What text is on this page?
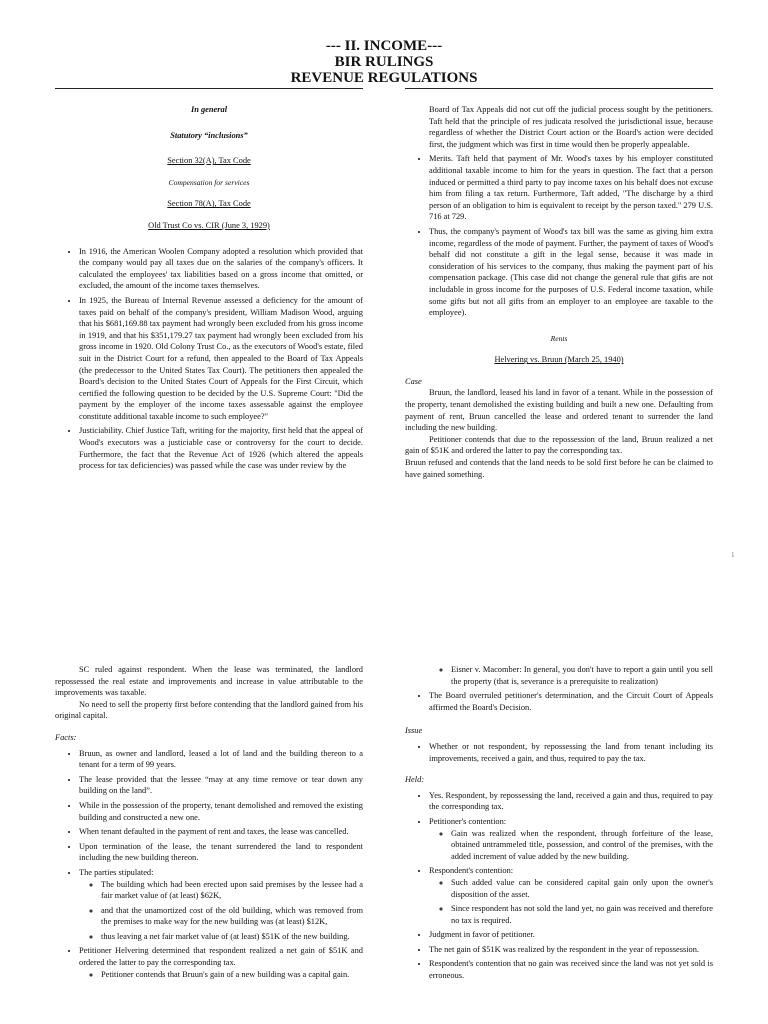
--- II. INCOME---
BIR RULINGS
REVENUE REGULATIONS

In general

Statutory “inclusions”

Section 32(A), Tax Code

Compensation for services

Section 78(A), Tax Code

Old Trust Co vs. CIR (June 3, 1929)

• In 1916, the American Woolen Company adopted a resolution which provided that the company would pay all taxes due on the salaries of the company's officers. It calculated the employees' tax liabilities based on a gross income that omitted, or excluded, the amount of the income taxes themselves.
• In 1925, the Bureau of Internal Revenue assessed a deficiency for the amount of taxes paid on behalf of the company's president, William Madison Wood, arguing that his $681,169.88 tax payment had wrongly been excluded from his gross income in 1919, and that his $351,179.27 tax payment had wrongly been excluded from his gross income in 1920. Old Colony Trust Co., as the executors of Wood's estate, filed suit in the District Court for a refund, then appealed to the Board of Tax Appeals (the predecessor to the United States Tax Court). The petitioners then appealed the Board's decision to the United States Court of Appeals for the First Circuit, which certified the following question to be decided by the U.S. Supreme Court: "Did the payment by the employer of the income taxes assessable against the employee constitute additional taxable income to such employee?"
• Justiciability. Chief Justice Taft, writing for the majority, first held that the appeal of Wood's executors was a justiciable case or controversy for the court to decide. Furthermore, the fact that the Revenue Act of 1926 (which altered the appeals process for tax deficiencies) was passed while the case was under review by the

Board of Tax Appeals did not cut off the judicial process sought by the petitioners. Taft held that the principle of res judicata resolved the jurisdictional issue, because regardless of whether the District Court action or the Board's action were decided first, the judgment which was first in time would then be properly appealable.

• Merits. Taft held that payment of Mr. Wood's taxes by his employer constituted additional taxable income to him for the years in question. The fact that a person induced or permitted a third party to pay income taxes on his behalf does not excuse him from filing a tax return. Furthermore, Taft added, "The discharge by a third person of an obligation to him is equivalent to receipt by the person taxed." 279 U.S. 716 at 729.
• Thus, the company's payment of Wood's tax bill was the same as giving him extra income, regardless of the mode of payment. Further, the payment of taxes of Wood's behalf did not constitute a gift in the legal sense, because it was made in consideration of his services to the company, thus making the payment part of his compensation package. (This case did not change the general rule that gifts are not includable in gross income for the purposes of U.S. Federal income taxation, while some gifts but not all gifts from an employer to an employee are taxable to the employee).

Rents

Helvering vs. Bruun (March 25, 1940)

Case

Bruun, the landlord, leased his land in favor of a tenant. While in the possession of the property, tenant demolished the existing building and built a new one. Defaulting from payment of rent, Bruun cancelled the lease and ordered tenant to surrender the land including the new building.

Petitioner contends that due to the repossession of the land, Bruun realized a net gain of $51K and ordered the latter to pay the corresponding tax.

Bruun refused and contends that the land needs to be sold first before he can be claimed to have gained something.

1

SC ruled against respondent. When the lease was terminated, the landlord repossessed the real estate and improvements and increase in value attributable to the improvements was taxable.

No need to sell the property first before contending that the landlord gained from his original capital.

Facts:

• Bruun, as owner and landlord, leased a lot of land and the building thereon to a tenant for a term of 99 years.
• The lease provided that the lessee “may at any time remove or tear down any building on the land”.
• While in the possession of the property, tenant demolished and removed the existing building and constructed a new one.
• When tenant defaulted in the payment of rent and taxes, the lease was cancelled.
• Upon termination of the lease, the tenant surrendered the land to respondent including the new building thereon.
• The parties stipulated:
◦ The building which had been erected upon said premises by the lessee had a fair market value of (at least) $62K,
◦ and that the unamortized cost of the old building, which was removed from the premises to make way for the new building was (at least) $12K,
◦ thus leaving a net fair market value of (at least) $51K of the new building.
• Petitioner Helvering determined that respondent realized a net gain of $51K and ordered the latter to pay the corresponding tax.
◦ Petitioner contends that Bruun's gain of a new building was a capital gain.
◦ Eisner v. Macomber: In general, you don't have to report a gain until you sell the property (that is, severance is a prerequisite to realization)
• The Board overruled petitioner's determination, and the Circuit Court of Appeals affirmed the Board's Decision.

Issue

• Whether or not respondent, by repossessing the land from tenant including its improvements, received a gain, and thus, required to pay the tax.

Held:

• Yes. Respondent, by repossessing the land, received a gain and thus, required to pay the corresponding tax.
• Petitioner's contention:
◦ Gain was realized when the respondent, through forfeiture of the lease, obtained untrammeled title, possession, and control of the premises, with the added increment of value added by the new building.
• Respondent's contention:
◦ Such added value can be considered capital gain only upon the owner's disposition of the asset.
◦ Since respondent has not sold the land yet, no gain was received and therefore no tax is required.
• Judgment in favor of petitioner.
• The net gain of $51K was realized by the respondent in the year of repossession.
• Respondent's contention that no gain was received since the land was not yet sold is erroneous.
